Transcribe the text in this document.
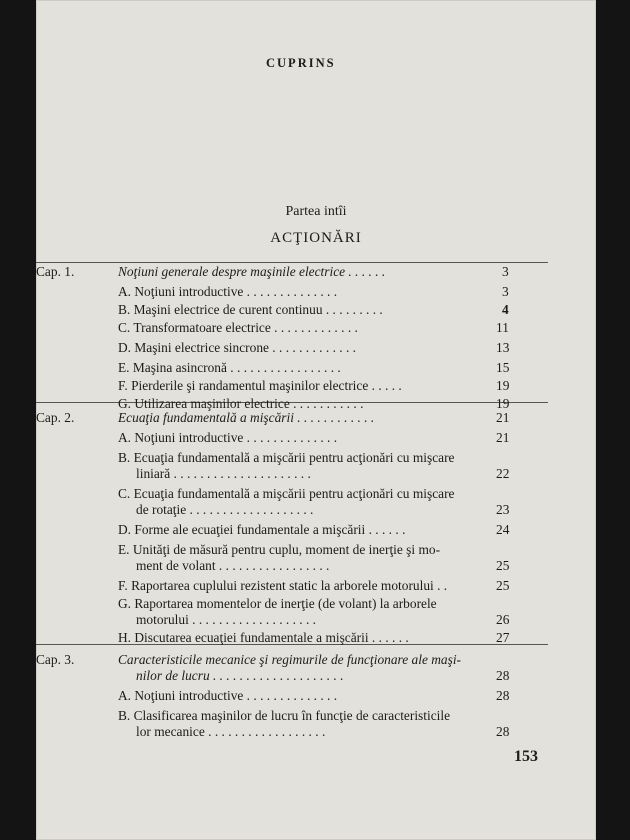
CUPRINS
Partea intîi
ACŢIONĂRI
Cap. 1.	Noţiuni generale despre maşinile electrice . . . . . .	3
A. Noţiuni introductive . . . . . . . . . . . . . .	3
B. Maşini electrice de curent continuu . . . . . . . . .	4
C. Transformatoare electrice . . . . . . . . . . . . .	11
D. Maşini electrice sincrone . . . . . . . . . . . . .	13
E. Maşina asincronă . . . . . . . . . . . . . . . . .	15
F. Pierderile şi randamentul maşinilor electrice . . . . .	19
G. Utilizarea maşinilor electrice . . . . . . . . . . .	19
Cap. 2.	Ecuaţia fundamentală a mişcării . . . . . . . . . . . .	21
A. Noţiuni introductive . . . . . . . . . . . . . .	21
B. Ecuaţia fundamentală a mişcării pentru acţionări cu mişcare
liniară . . . . . . . . . . . . . . . . . . . . .	22
C. Ecuaţia fundamentală a mişcării pentru acţionări cu mişcare
de rotaţie . . . . . . . . . . . . . . . . . . .	23
D. Forme ale ecuaţiei fundamentale a mişcării . . . . . .	24
E. Unităţi de măsură pentru cuplu, moment de inerţie şi mo-
ment de volant . . . . . . . . . . . . . . . . .	25
F. Raportarea cuplului rezistent static la arborele motorului . .	25
G. Raportarea momentelor de inerţie (de volant) la arborele
motorului . . . . . . . . . . . . . . . . . . .	26
H. Discutarea ecuaţiei fundamentale a mişcării . . . . . .	27
Cap. 3.	Caracteristicile mecanice şi regimurile de funcţionare ale maşi-
nilor de lucru . . . . . . . . . . . . . . . . . . . .	28
A. Noţiuni introductive . . . . . . . . . . . . . .	28
B. Clasificarea maşinilor de lucru în funcţie de caracteristicile
lor mecanice . . . . . . . . . . . . . . . . . .	28
153
